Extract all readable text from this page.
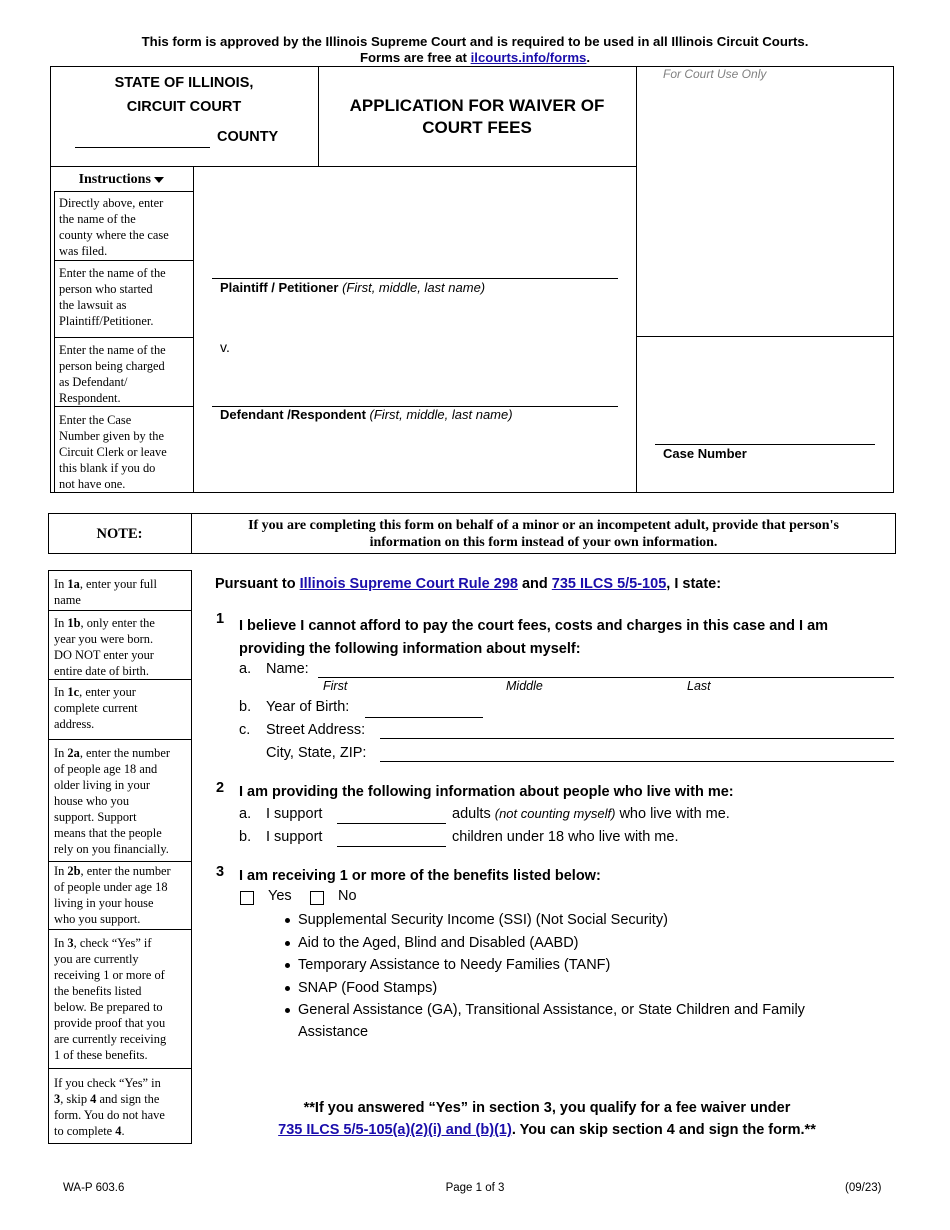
This form is approved by the Illinois Supreme Court and is required to be used in all Illinois Circuit Courts.
Forms are free at ilcourts.info/forms.
STATE OF ILLINOIS,
CIRCUIT COURT
COUNTY
APPLICATION FOR WAIVER OF
COURT FEES
For Court Use Only
Instructions
Directly above, enter
the name of the
county where the case
was filed.
Enter the name of the
person who started
the lawsuit as
Plaintiff/Petitioner.
Enter the name of the
person being charged
as Defendant/
Respondent.
Enter the Case
Number given by the
Circuit Clerk or leave
this blank if you do
not have one.
Plaintiff / Petitioner (First, middle, last name)
v.
Defendant /Respondent (First, middle, last name)
Case Number
NOTE:
If you are completing this form on behalf of a minor or an incompetent adult, provide that person's
information on this form instead of your own information.
In 1a, enter your full
name
In 1b, only enter the
year you were born.
DO NOT enter your
entire date of birth.
In 1c, enter your
complete current
address.
In 2a, enter the number
of people age 18 and
older living in your
house who you
support. Support
means that the people
rely on you financially.
In 2b, enter the number
of people under age 18
living in your house
who you support.
In 3, check “Yes” if
you are currently
receiving 1 or more of
the benefits listed
below. Be prepared to
provide proof that you
are currently receiving
1 of these benefits.
If you check “Yes” in
3, skip 4 and sign the
form. You do not have
to complete 4.
Pursuant to Illinois Supreme Court Rule 298 and 735 ILCS 5/5-105, I state:
1 I believe I cannot afford to pay the court fees, costs and charges in this case and I am
providing the following information about myself:
a. Name:
First	Middle	Last
b. Year of Birth:
c. Street Address:
City, State, ZIP:
2 I am providing the following information about people who live with me:
a. I support	adults (not counting myself) who live with me.
b. I support	children under 18 who live with me.
3 I am receiving 1 or more of the benefits listed below:
Yes	No
Supplemental Security Income (SSI) (Not Social Security)
Aid to the Aged, Blind and Disabled (AABD)
Temporary Assistance to Needy Families (TANF)
SNAP (Food Stamps)
General Assistance (GA), Transitional Assistance, or State Children and Family
Assistance
**If you answered “Yes” in section 3, you qualify for a fee waiver under
735 ILCS 5/5-105(a)(2)(i) and (b)(1). You can skip section 4 and sign the form.**
WA-P 603.6	Page 1 of 3	(09/23)
